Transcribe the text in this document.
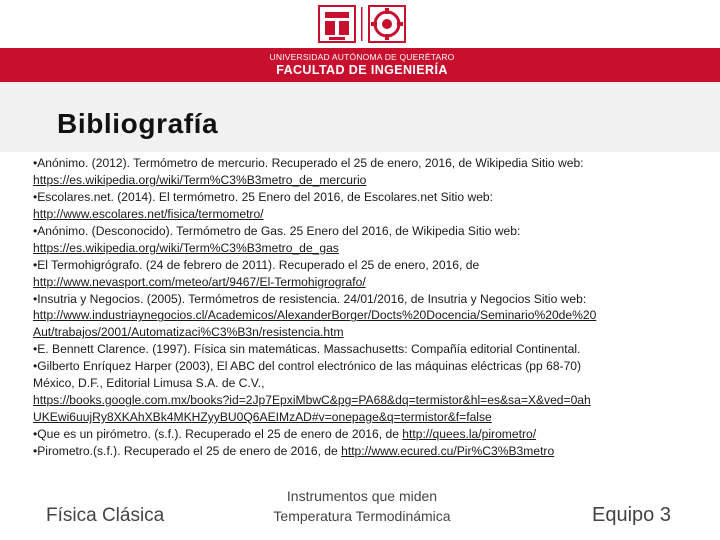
UNIVERSIDAD AUTÓNOMA DE QUERÉTARO
FACULTAD DE INGENIERÍA
Bibliografía
•Anónimo. (2012). Termómetro de mercurio. Recuperado el 25 de enero, 2016, de Wikipedia Sitio web:
https://es.wikipedia.org/wiki/Term%C3%B3metro_de_mercurio
•Escolares.net. (2014). El termómetro. 25 Enero del 2016, de Escolares.net Sitio web:
http://www.escolares.net/fisica/termometro/
•Anónimo. (Desconocido). Termómetro de Gas. 25 Enero del 2016, de Wikipedia Sitio web:
https://es.wikipedia.org/wiki/Term%C3%B3metro_de_gas
•El Termohigrógrafo. (24 de febrero de 2011). Recuperado el 25 de enero, 2016, de
http://www.nevasport.com/meteo/art/9467/El-Termohigrografo/
•Insutria y Negocios. (2005). Termómetros de resistencia. 24/01/2016, de Insutria y Negocios Sitio web:
http://www.industriaynegocios.cl/Academicos/AlexanderBorger/Docts%20Docencia/Seminario%20de%20
Aut/trabajos/2001/Automatizaci%C3%B3n/resistencia.htm
•E. Bennett Clarence. (1997). Física sin matemáticas. Massachusetts: Compañía editorial Continental.
•Gilberto Enríquez Harper (2003), El ABC del control electrónico de las máquinas eléctricas (pp 68-70)
México, D.F., Editorial Limusa S.A. de C.V.,
https://books.google.com.mx/books?id=2Jp7EpxiMbwC&pg=PA68&dq=termistor&hl=es&sa=X&ved=0ah
UKEwi6uujRy8XKAhXBk4MKHZyyBU0Q6AEIMzAD#v=onepage&q=termistor&f=false
•Que es un pirómetro. (s.f.). Recuperado el 25 de enero de 2016, de http://quees.la/pirometro/
•Pirometro.(s.f.). Recuperado el 25 de enero de 2016, de http://www.ecured.cu/Pir%C3%B3metro
Física Clásica
Instrumentos que miden
Temperatura Termodinámica	Equipo 3
